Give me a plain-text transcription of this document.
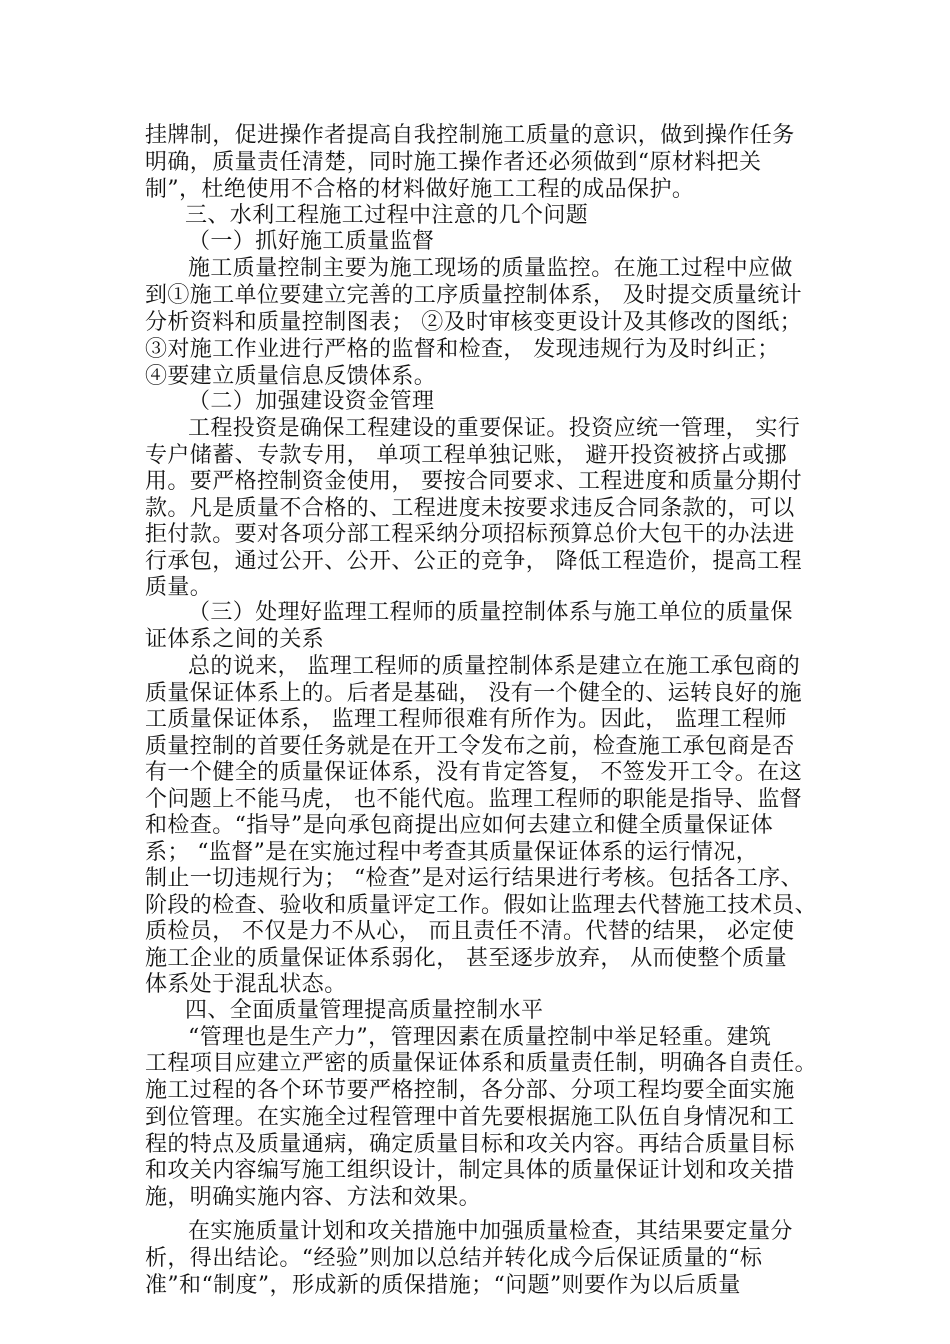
挂牌制，促进操作者提高自我控制施工质量的意识，做到操作任务

明确，质量责任清楚，同时施工操作者还必须做到“原材料把关

制”，杜绝使用不合格的材料做好施工工程的成品保护。

三、水利工程施工过程中注意的几个问题

（一）抓好施工质量监督

施工质量控制主要为施工现场的质量监控。在施工过程中应做

到①施工单位要建立完善的工序质量控制体系， 及时提交质量统计

分析资料和质量控制图表； ②及时审核变更设计及其修改的图纸；

③对施工作业进行严格的监督和检查， 发现违规行为及时纠正；

④要建立质量信息反馈体系。

（二）加强建设资金管理

工程投资是确保工程建设的重要保证。投资应统一管理， 实行

专户储蓄、专款专用， 单项工程单独记账， 避开投资被挤占或挪

用。要严格控制资金使用， 要按合同要求、工程进度和质量分期付

款。凡是质量不合格的、工程进度未按要求违反合同条款的，可以

拒付款。要对各项分部工程采纳分项招标预算总价大包干的办法进

行承包，通过公开、公开、公正的竞争， 降低工程造价，提高工程

质量。

（三）处理好监理工程师的质量控制体系与施工单位的质量保

证体系之间的关系

总的说来， 监理工程师的质量控制体系是建立在施工承包商的

质量保证体系上的。后者是基础， 没有一个健全的、运转良好的施

工质量保证体系， 监理工程师很难有所作为。因此， 监理工程师

质量控制的首要任务就是在开工令发布之前，检查施工承包商是否

有一个健全的质量保证体系，没有肯定答复， 不签发开工令。在这

个问题上不能马虎， 也不能代庖。监理工程师的职能是指导、监督

和检查。“指导”是向承包商提出应如何去建立和健全质量保证体

系； “监督”是在实施过程中考查其质量保证体系的运行情况，

制止一切违规行为； “检查”是对运行结果进行考核。包括各工序、

阶段的检查、验收和质量评定工作。假如让监理去代替施工技术员、

质检员， 不仅是力不从心， 而且责任不清。代替的结果， 必定使

施工企业的质量保证体系弱化， 甚至逐步放弃， 从而使整个质量

体系处于混乱状态。

四、全面质量管理提高质量控制水平

“管理也是生产力”，管理因素在质量控制中举足轻重。建筑

工程项目应建立严密的质量保证体系和质量责任制，明确各自责任。

施工过程的各个环节要严格控制，各分部、分项工程均要全面实施

到位管理。在实施全过程管理中首先要根据施工队伍自身情况和工

程的特点及质量通病，确定质量目标和攻关内容。再结合质量目标

和攻关内容编写施工组织设计，制定具体的质量保证计划和攻关措

施，明确实施内容、方法和效果。

在实施质量计划和攻关措施中加强质量检查，其结果要定量分

析，得出结论。“经验”则加以总结并转化成今后保证质量的“标

准”和“制度”，形成新的质保措施；“问题”则要作为以后质量
